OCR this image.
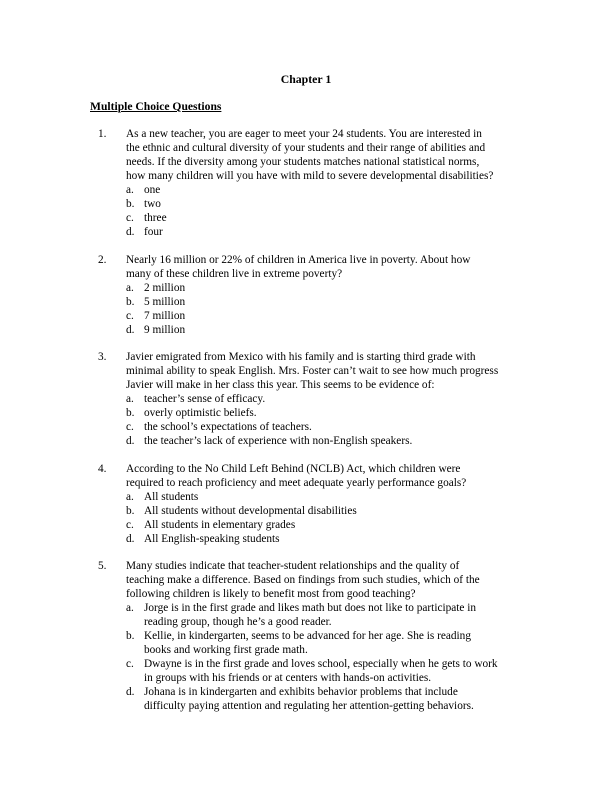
Chapter 1
Multiple Choice Questions
1. As a new teacher, you are eager to meet your 24 students. You are interested in
the ethnic and cultural diversity of your students and their range of abilities and
needs. If the diversity among your students matches national statistical norms,
how many children will you have with mild to severe developmental disabilities?
a. one
b. two
c. three
d. four
2. Nearly 16 million or 22% of children in America live in poverty. About how
many of these children live in extreme poverty?
a. 2 million
b. 5 million
c. 7 million
d. 9 million
3. Javier emigrated from Mexico with his family and is starting third grade with
minimal ability to speak English. Mrs. Foster can’t wait to see how much progress
Javier will make in her class this year. This seems to be evidence of:
a. teacher’s sense of efficacy.
b. overly optimistic beliefs.
c. the school’s expectations of teachers.
d. the teacher’s lack of experience with non-English speakers.
4. According to the No Child Left Behind (NCLB) Act, which children were
required to reach proficiency and meet adequate yearly performance goals?
a. All students
b. All students without developmental disabilities
c. All students in elementary grades
d. All English-speaking students
5. Many studies indicate that teacher-student relationships and the quality of
teaching make a difference. Based on findings from such studies, which of the
following children is likely to benefit most from good teaching?
a. Jorge is in the first grade and likes math but does not like to participate in
reading group, though he’s a good reader.
b. Kellie, in kindergarten, seems to be advanced for her age. She is reading
books and working first grade math.
c. Dwayne is in the first grade and loves school, especially when he gets to work
in groups with his friends or at centers with hands-on activities.
d. Johana is in kindergarten and exhibits behavior problems that include
difficulty paying attention and regulating her attention-getting behaviors.
